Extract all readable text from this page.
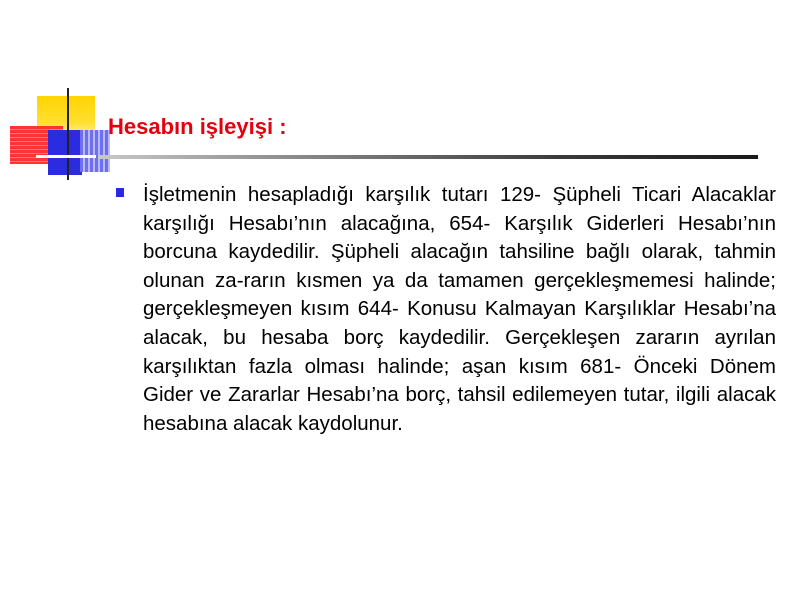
Hesabın işleyişi :
İşletmenin hesapladığı karşılık tutarı 129- Şüpheli Ticari Alacaklar karşılığı Hesabı’nın alacağına, 654- Karşılık Giderleri Hesabı’nın borcuna kaydedilir. Şüpheli alacağın tahsiline bağlı olarak, tahmin olunan za-rarın kısmen ya da tamamen gerçekleşmemesi halinde; gerçekleşmeyen kısım 644- Konusu Kalmayan Karşılıklar Hesabı’na alacak, bu hesaba borç kaydedilir. Gerçekleşen zararın ayrılan karşılıktan fazla olması halinde; aşan kısım 681- Önceki Dönem Gider ve Zararlar Hesabı’na borç, tahsil edilemeyen tutar, ilgili alacak hesabına alacak kaydolunur.
